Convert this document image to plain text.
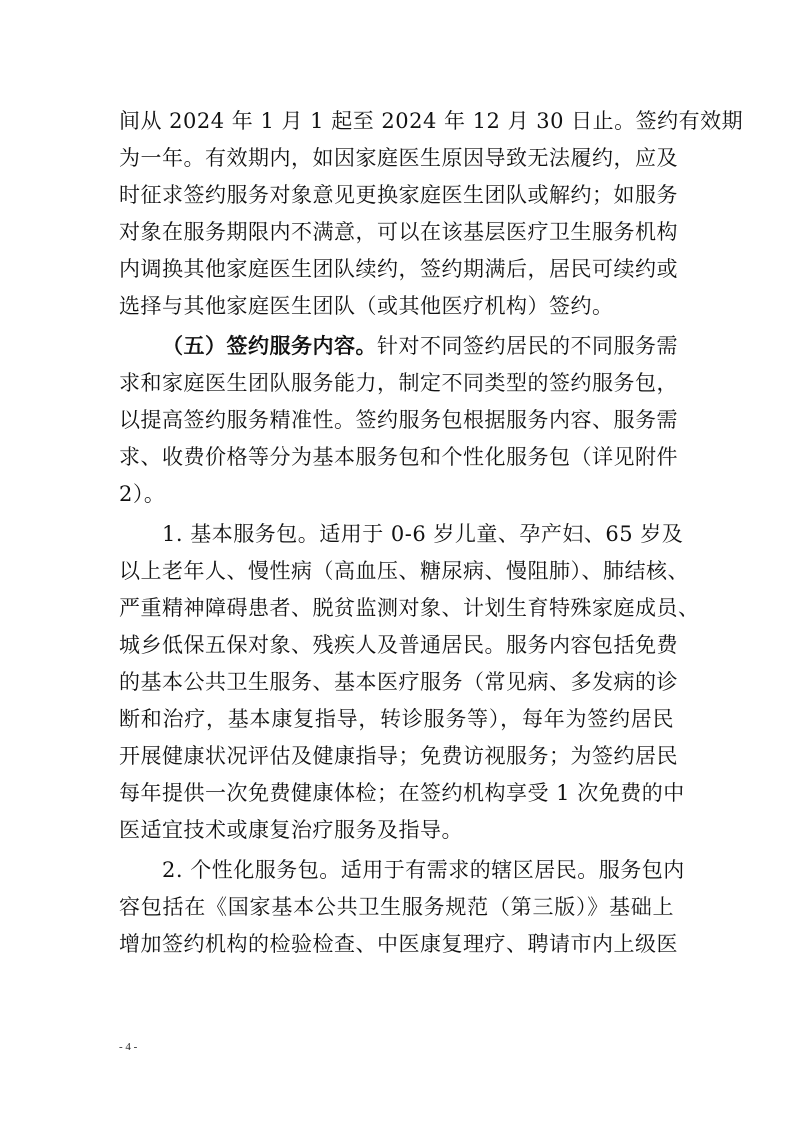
间从 2024 年 1 月 1 起至 2024 年 12 月 30 日止。签约有效期
为一年。有效期内，如因家庭医生原因导致无法履约，应及
时征求签约服务对象意见更换家庭医生团队或解约；如服务
对象在服务期限内不满意，可以在该基层医疗卫生服务机构
内调换其他家庭医生团队续约，签约期满后，居民可续约或
选择与其他家庭医生团队（或其他医疗机构）签约。
（五）签约服务内容。针对不同签约居民的不同服务需
求和家庭医生团队服务能力，制定不同类型的签约服务包，
以提高签约服务精准性。签约服务包根据服务内容、服务需
求、收费价格等分为基本服务包和个性化服务包（详见附件
2）。
1. 基本服务包。适用于 0-6 岁儿童、孕产妇、65 岁及
以上老年人、慢性病（高血压、糖尿病、慢阻肺）、肺结核、
严重精神障碍患者、脱贫监测对象、计划生育特殊家庭成员、
城乡低保五保对象、残疾人及普通居民。服务内容包括免费
的基本公共卫生服务、基本医疗服务（常见病、多发病的诊
断和治疗，基本康复指导，转诊服务等），每年为签约居民
开展健康状况评估及健康指导；免费访视服务；为签约居民
每年提供一次免费健康体检；在签约机构享受 1 次免费的中
医适宜技术或康复治疗服务及指导。
2. 个性化服务包。适用于有需求的辖区居民。服务包内
容包括在《国家基本公共卫生服务规范（第三版）》基础上
增加签约机构的检验检查、中医康复理疗、聘请市内上级医
- 4 -
